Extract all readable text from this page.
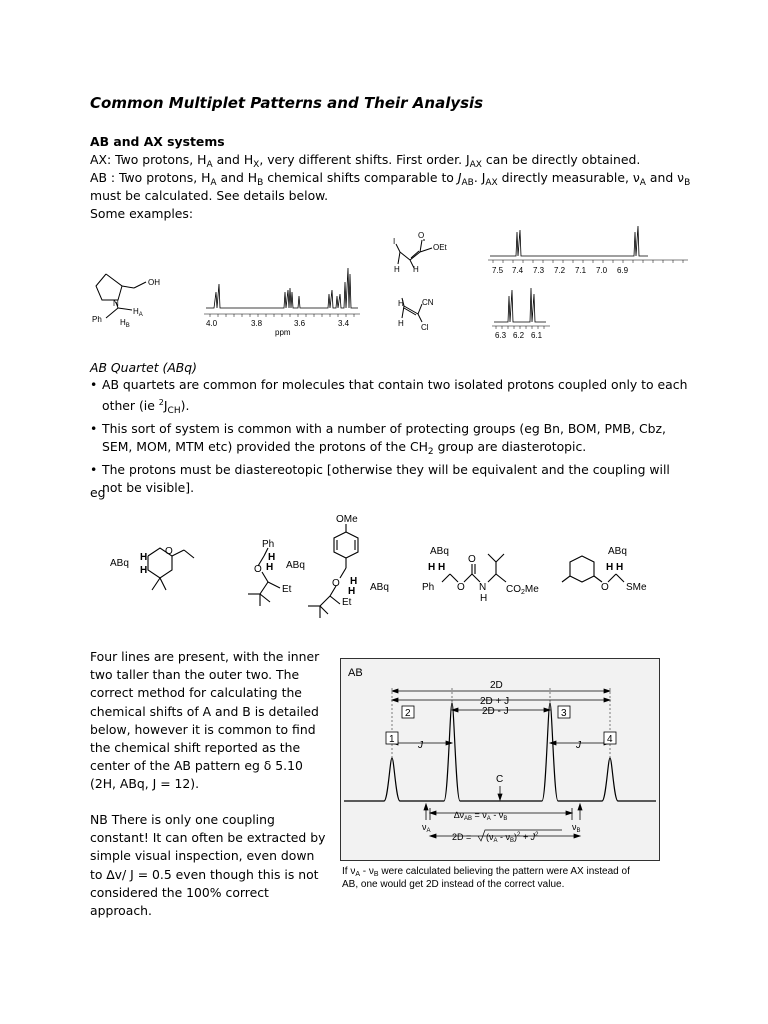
Common Multiplet Patterns and Their Analysis
AB and AX systems
AX: Two protons, $H_A$ and $H_X$, very different shifts. First order. $J_{AX}$ can be directly obtained.
AB : Two protons, $H_A$ and $H_B$ chemical shifts comparable to $J_{AB}$. $J_{AX}$ directly measurable, $\nu_A$ and $\nu_B$
must be calculated. See details below.
Some examples:
OH
N
Ph
$H_A$
$H_B$	4.0	3.8	3.6	3.4
ppm
O
OEt
I
H H
H CN
H Cl
7.5 7.4 7.3 7.2 7.1 7.0 6.9
6.3 6.2 6.1
AB Quartet (ABq)
• AB quartets are common for molecules that contain two isolated protons coupled only to each other (ie $^2J_{CH}$).
• This sort of system is common with a number of protecting groups (eg Bn, BOM, PMB, Cbz, SEM, MOM, MTM etc) provided the protons of the $CH_2$ group are diasterotopic.
• The protons must be diastereotopic [otherwise they will be equivalent and the coupling will not be visible].
eg
ABq
H
H
O
Ph
H
H
O ABq
Et
OMe
H
H
O	ABq
Et
ABq
H H
Ph O
O
N
H
$CO_2Me$
ABq
H H
O SMe
Four lines are present, with the inner two taller than the outer two. The correct method for calculating the chemical shifts of A and B is detailed below, however it is common to find the chemical shift reported as the center of the AB pattern eg δ 5.10 (2H, ABq, J = 12).
NB There is only one coupling constant! It can often be extracted by simple visual inspection, even down to ∆v/ J = 0.5 even though this is not considered the 100% correct approach.
AB
2D
2D + J
2D - J
2	3
1	4
J	J
C
$\Delta\nu_{AB} = \nu_A - \nu_B$
$\nu_A$	$\nu_B$
$2D = (\nu_A - \nu_B)^2 + J^2$
If $\nu_A - \nu_B$ were calculated believing the pattern were AX instead of
AB, one would get 2D instead of the correct value.
